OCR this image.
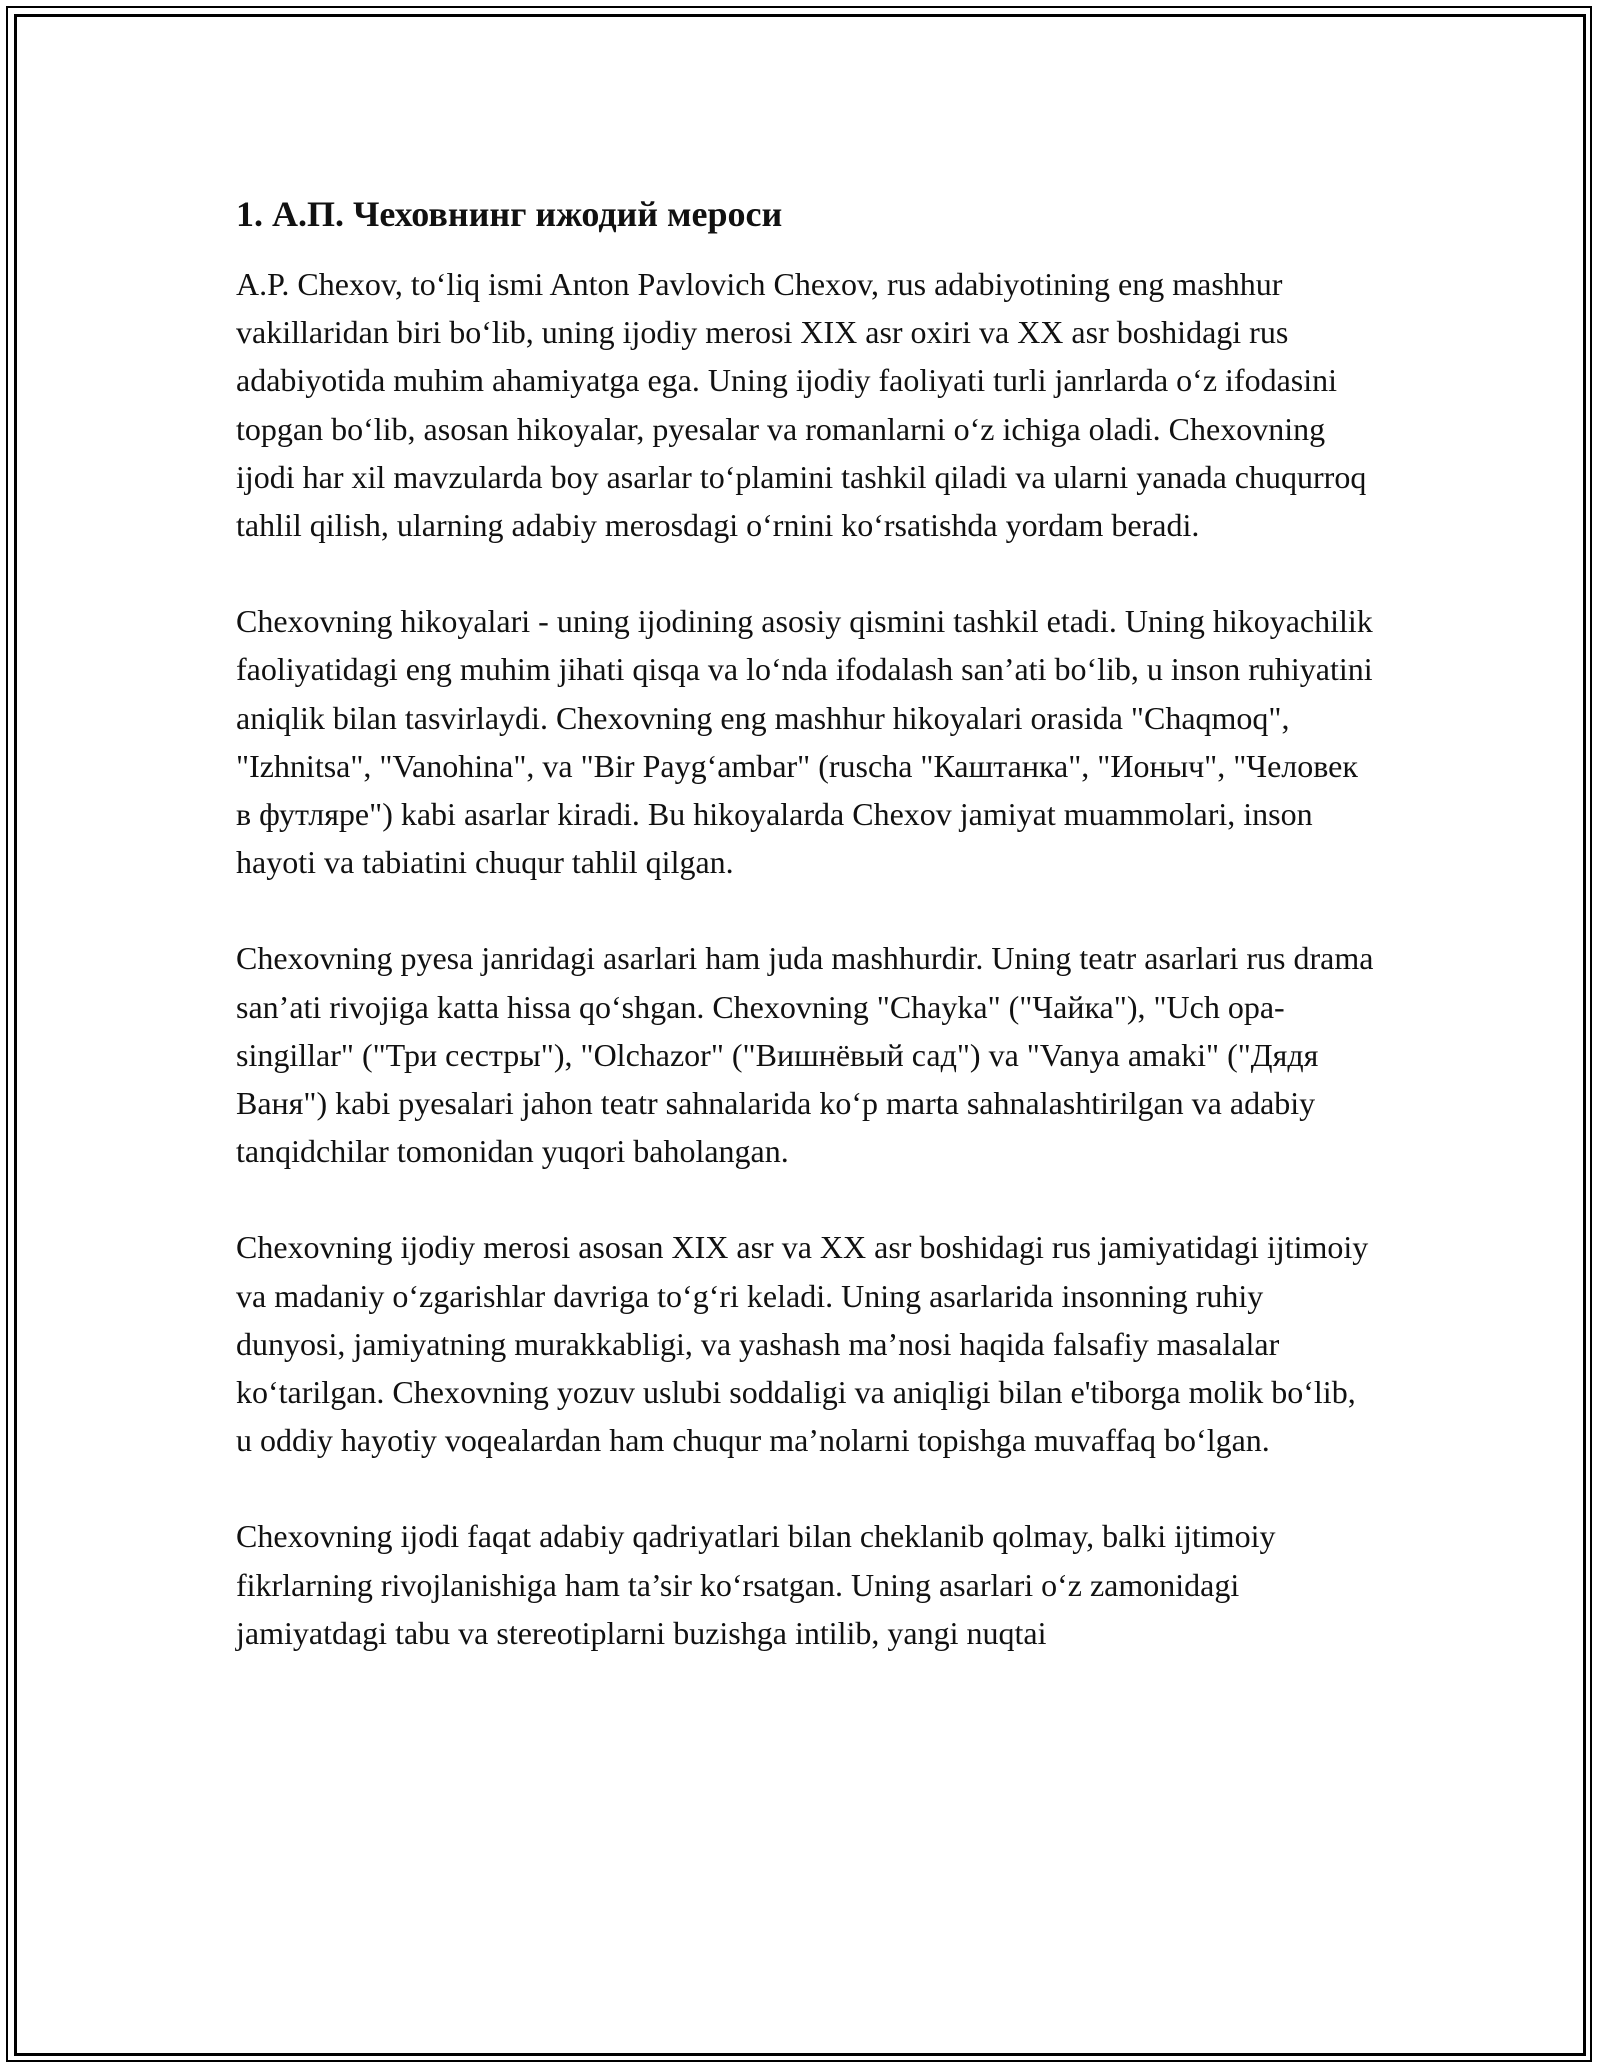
1. А.П. Чеховнинг ижодий мероси

A.P. Chexov, to‘liq ismi Anton Pavlovich Chexov, rus adabiyotining eng mashhur vakillaridan biri bo‘lib, uning ijodiy merosi XIX asr oxiri va XX asr boshidagi rus adabiyotida muhim ahamiyatga ega. Uning ijodiy faoliyati turli janrlarda o‘z ifodasini topgan bo‘lib, asosan hikoyalar, pyesalar va romanlarni o‘z ichiga oladi. Chexovning ijodi har xil mavzularda boy asarlar to‘plamini tashkil qiladi va ularni yanada chuqurroq tahlil qilish, ularning adabiy merosdagi o‘rnini ko‘rsatishda yordam beradi.

Chexovning hikoyalari - uning ijodining asosiy qismini tashkil etadi. Uning hikoyachilik faoliyatidagi eng muhim jihati qisqa va lo‘nda ifodalash san’ati bo‘lib, u inson ruhiyatini aniqlik bilan tasvirlaydi. Chexovning eng mashhur hikoyalari orasida "Chaqmoq", "Izhnitsa", "Vanohina", va "Bir Payg‘ambar" (ruscha "Каштанка", "Ионыч", "Человек в футляре") kabi asarlar kiradi. Bu hikoyalarda Chexov jamiyat muammolari, inson hayoti va tabiatini chuqur tahlil qilgan.

Chexovning pyesa janridagi asarlari ham juda mashhurdir. Uning teatr asarlari rus drama san’ati rivojiga katta hissa qo‘shgan. Chexovning "Chayka" ("Чайка"), "Uch opa-singillar" ("Три сестры"), "Olchazor" ("Вишнёвый сад") va "Vanya amaki" ("Дядя Ваня") kabi pyesalari jahon teatr sahnalarida ko‘p marta sahnalashtirilgan va adabiy tanqidchilar tomonidan yuqori baholangan.

Chexovning ijodiy merosi asosan XIX asr va XX asr boshidagi rus jamiyatidagi ijtimoiy va madaniy o‘zgarishlar davriga to‘g‘ri keladi. Uning asarlarida insonning ruhiy dunyosi, jamiyatning murakkabligi, va yashash ma’nosi haqida falsafiy masalalar ko‘tarilgan. Chexovning yozuv uslubi soddaligi va aniqligi bilan e'tiborga molik bo‘lib, u oddiy hayotiy voqealardan ham chuqur ma’nolarni topishga muvaffaq bo‘lgan.

Chexovning ijodi faqat adabiy qadriyatlari bilan cheklanib qolmay, balki ijtimoiy fikrlarning rivojlanishiga ham ta’sir ko‘rsatgan. Uning asarlari o‘z zamonidagi jamiyatdagi tabu va stereotiplarni buzishga intilib, yangi nuqtai
